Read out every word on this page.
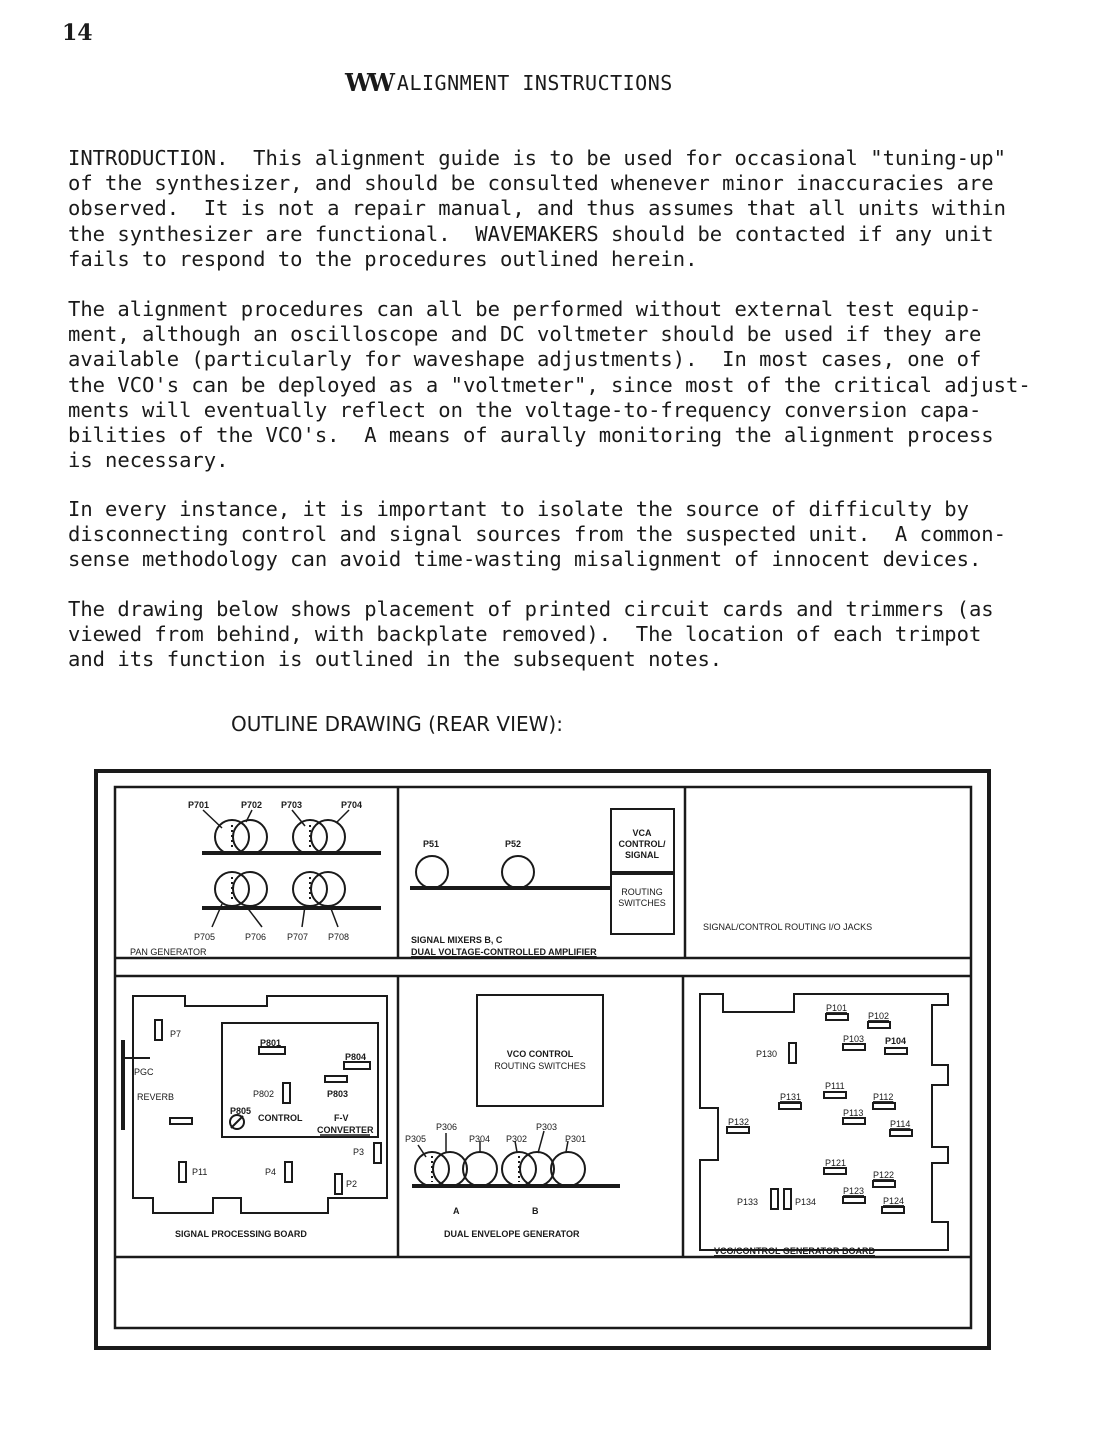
14
WW ALIGNMENT INSTRUCTIONS

INTRODUCTION.  This alignment guide is to be used for occasional "tuning-up"
of the synthesizer, and should be consulted whenever minor inaccuracies are
observed.  It is not a repair manual, and thus assumes that all units within
the synthesizer are functional.  WAVEMAKERS should be contacted if any unit
fails to respond to the procedures outlined herein.

The alignment procedures can all be performed without external test equip-
ment, although an oscilloscope and DC voltmeter should be used if they are
available (particularly for waveshape adjustments).  In most cases, one of
the VCO's can be deployed as a "voltmeter", since most of the critical adjust-
ments will eventually reflect on the voltage-to-frequency conversion capa-
bilities of the VCO's.  A means of aurally monitoring the alignment process
is necessary.

In every instance, it is important to isolate the source of difficulty by
disconnecting control and signal sources from the suspected unit.  A common-
sense methodology can avoid time-wasting misalignment of innocent devices.

The drawing below shows placement of printed circuit cards and trimmers (as
viewed from behind, with backplate removed).  The location of each trimpot
and its function is outlined in the subsequent notes.

OUTLINE DRAWING (REAR VIEW):
P701	P702 P703	P704
P705	P706 P707 P708
PAN GENERATOR
P51	P52
VCA
CONTROL/
SIGNAL
ROUTING
SWITCHES
SIGNAL MIXERS B, C
DUAL VOLTAGE-CONTROLLED AMPLIFIER
SIGNAL/CONTROL ROUTING I/O JACKS
P7
P801
P804
P802	P803
PGC
REVERB
P805
CONTROL	F-V
CONVERTER
P3
P11	P4
P2
SIGNAL PROCESSING BOARD
VCO CONTROL
ROUTING SWITCHES
P305
P306
P304 P302
P303
P301
A	B
DUAL ENVELOPE GENERATOR
P101
P102
P103 P104
P130
P111
P131	P112
P113
P132	P114
P121
P122
P123
P133	P134	P124
VCO/CONTROL GENERATOR BOARD
